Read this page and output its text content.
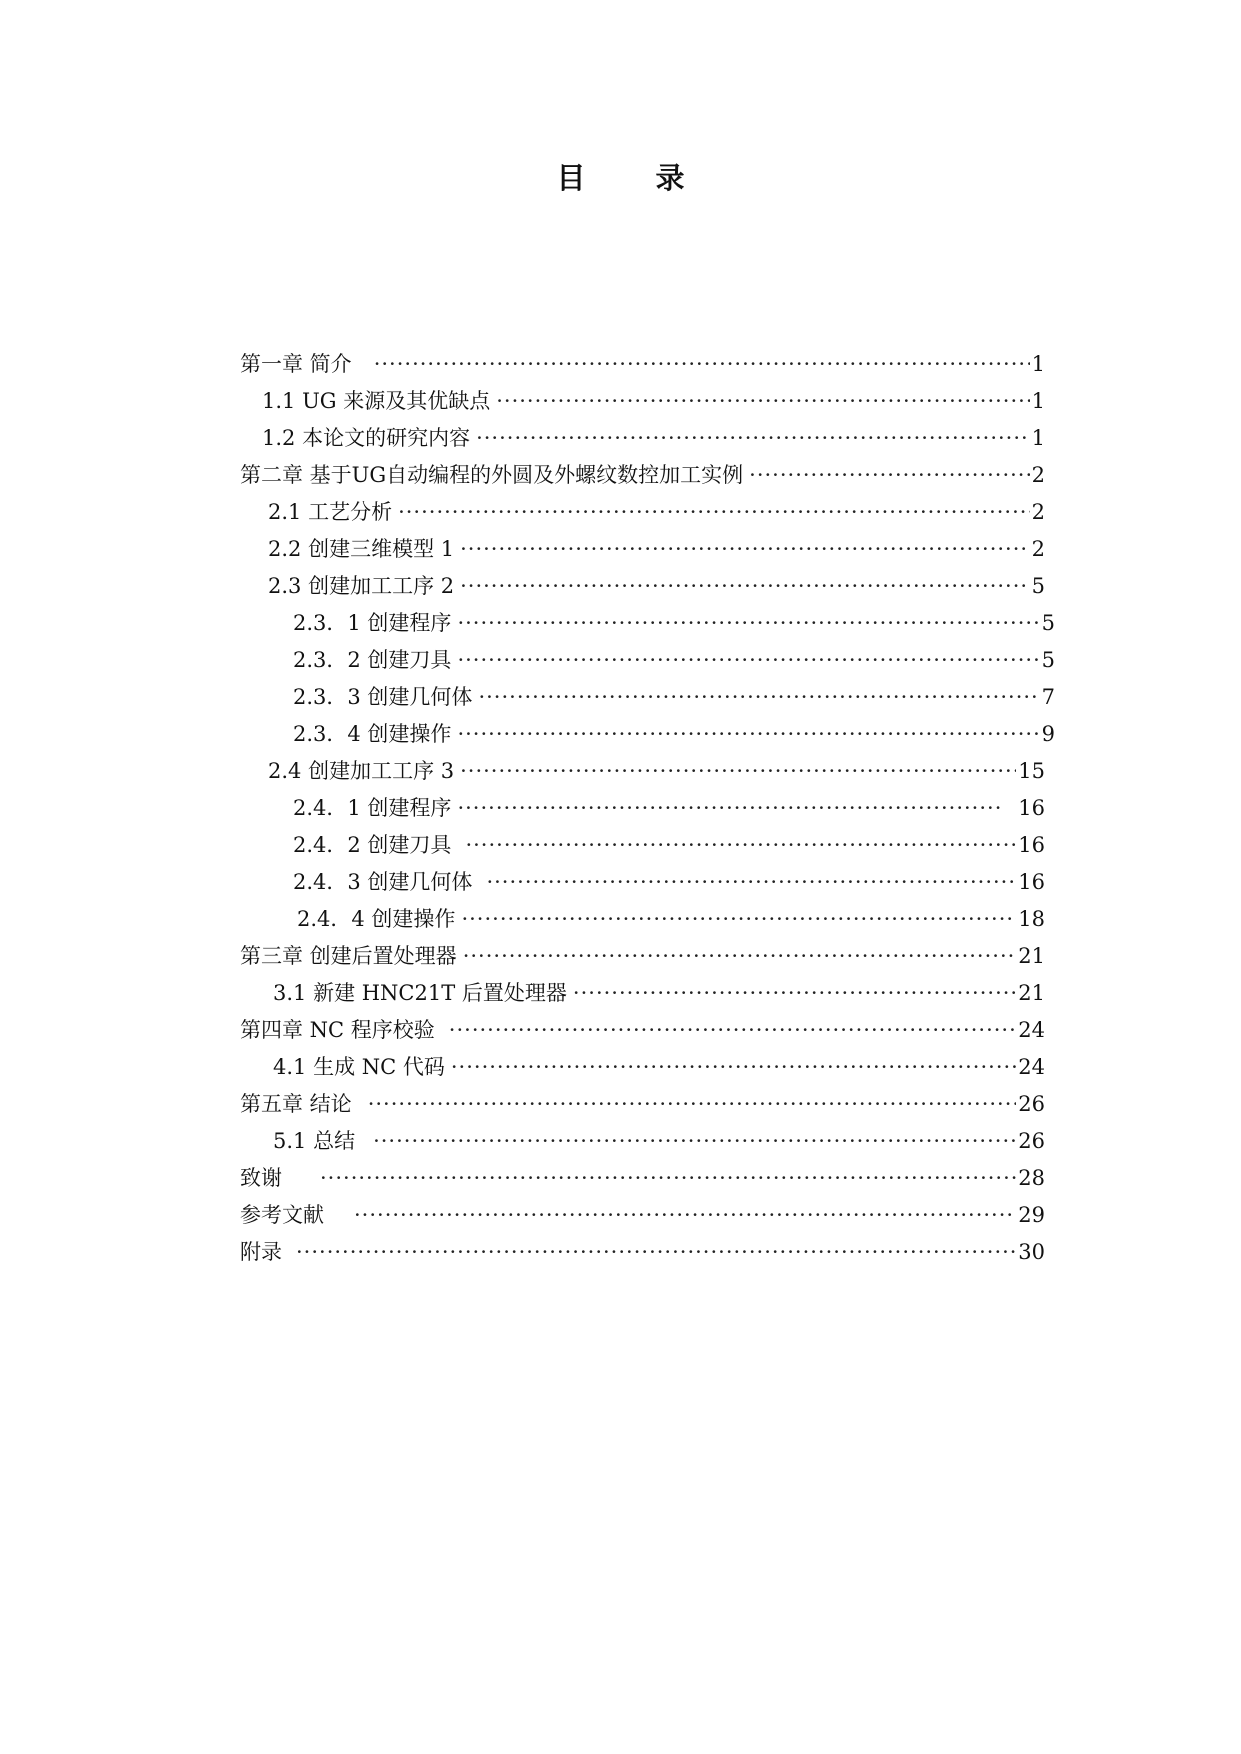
目 录
第一章 简介 ·····	1
1.1 UG 来源及其优缺点 ·····	1
1.2 本论文的研究内容 ·····	1
第二章 基于UG自动编程的外圆及外螺纹数控加工实例 ·····	2
2.1 工艺分析 ·····	2
2.2 创建三维模型 1 ·····	2
2.3 创建加工工序 2 ·····	5
2.3．1 创建程序 ·····	5
2.3．2 创建刀具 ·····	5
2.3．3 创建几何体 ·····	7
2.3．4 创建操作 ·····	9
2.4 创建加工工序 3 ·····	15
2.4．1 创建程序 ·····	16
2.4．2 创建刀具 ·····	16
2.4．3 创建几何体 ·····	16
2.4．4 创建操作 ·····	18
第三章 创建后置处理器 ·····	21
3.1 新建 HNC21T 后置处理器 ·····	21
第四章 NC 程序校验 ·····	24
4.1 生成 NC 代码 ·····	24
第五章 结论 ·····	26
5.1 总结 ·····	26
致谢 ·····	28
参考文献 ·····	29
附录 ·····	30
